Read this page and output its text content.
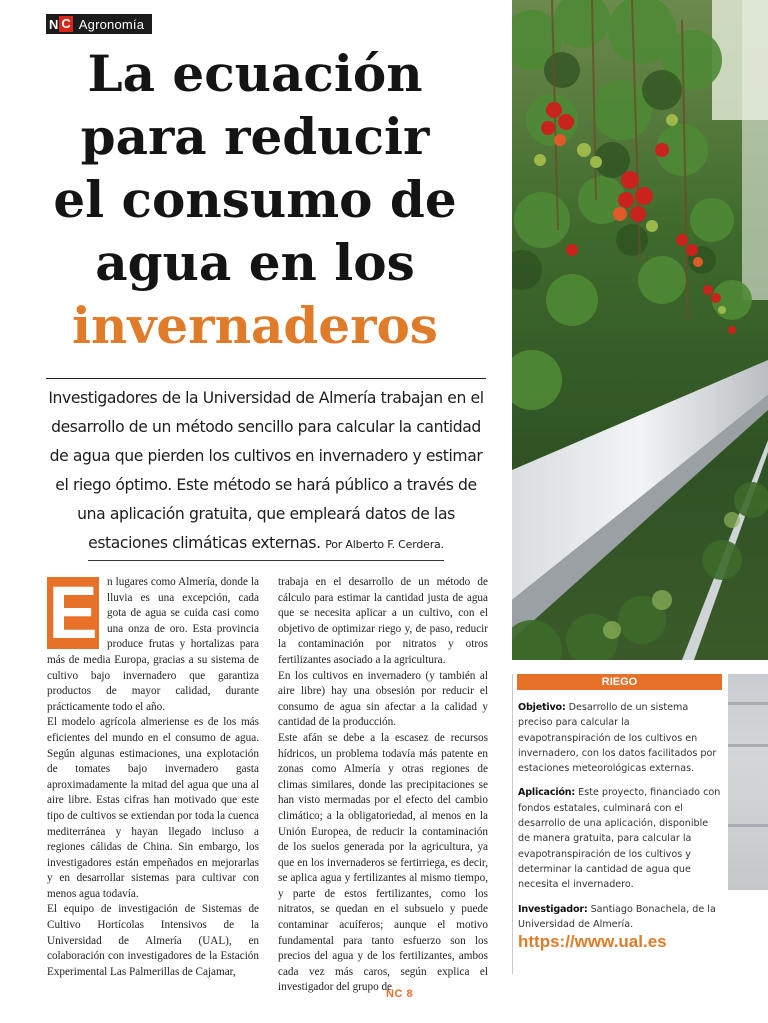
N C Agronomía
La ecuación
para reducir
el consumo de
agua en los
invernaderos
Investigadores de la Universidad de Almería trabajan en el
desarrollo de un método sencillo para calcular la cantidad
de agua que pierden los cultivos en invernadero y estimar
el riego óptimo. Este método se hará público a través de
una aplicación gratuita, que empleará datos de las
estaciones climáticas externas. Por Alberto F. Cerdera.
E n lugares como Almería, donde la lluvia es una excepción, cada gota de agua se cuida casi como una onza de oro. Esta provincia produce frutas y hortalizas para más de media Europa, gracias a su sistema de cultivo bajo invernadero que garantiza productos de mayor calidad, durante prácticamente todo el año.

El modelo agrícola almeriense es de los más eficientes del mundo en el consumo de agua. Según algunas estimaciones, una explotación de tomates bajo invernadero gasta aproximadamente la mitad del agua que una al aire libre. Estas cifras han motivado que este tipo de cultivos se extiendan por toda la cuenca mediterránea y hayan llegado incluso a regiones cálidas de China. Sin embargo, los investigadores están empeñados en mejorarlas y en desarrollar sistemas para cultivar con menos agua todavía.

El equipo de investigación de Sistemas de Cultivo Hortícolas Intensivos de la Universidad de Almería (UAL), en colaboración con investigadores de la Estación Experimental Las Palmerillas de Cajamar,

trabaja en el desarrollo de un método de cálculo para estimar la cantidad justa de agua que se necesita aplicar a un cultivo, con el objetivo de optimizar riego y, de paso, reducir la contaminación por nitratos y otros fertilizantes asociado a la agricultura.

En los cultivos en invernadero (y también al aire libre) hay una obsesión por reducir el consumo de agua sin afectar a la calidad y cantidad de la producción.

Este afán se debe a la escasez de recursos hídricos, un problema todavía más patente en zonas como Almería y otras regiones de climas similares, donde las precipitaciones se han visto mermadas por el efecto del cambio climático; a la obligatoriedad, al menos en la Unión Europea, de reducir la contaminación de los suelos generada por la agricultura, ya que en los invernaderos se fertirriega, es decir, se aplica agua y fertilizantes al mismo tiempo, y parte de estos fertilizantes, como los nitratos, se quedan en el subsuelo y puede contaminar acuíferos; aunque el motivo fundamental para tanto esfuerzo son los precios del agua y de los fertilizantes, ambos cada vez más caros, según explica el investigador del grupo de

RIEGO

Objetivo: Desarrollo de un sistema preciso para calcular la evapotranspiración de los cultivos en invernadero, con los datos facilitados por estaciones meteorológicas externas.

Aplicación: Este proyecto, financiado con fondos estatales, culminará con el desarrollo de una aplicación, disponible de manera gratuita, para calcular la evapotranspiración de los cultivos y determinar la cantidad de agua que necesita el invernadero.

Investigador: Santiago Bonachela, de la Universidad de Almería.

https://www.ual.es
NC 8
